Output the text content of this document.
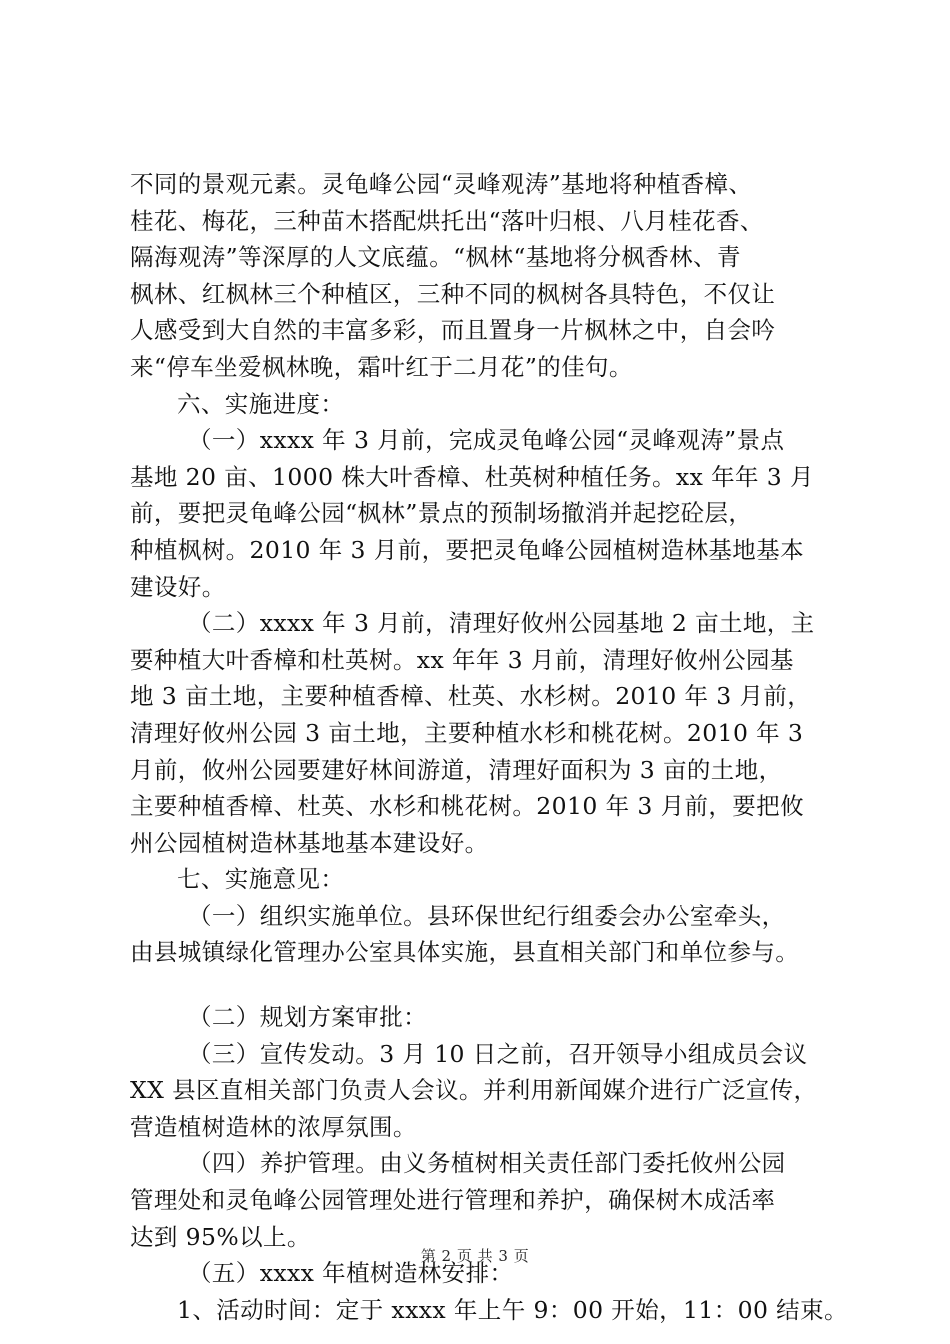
不同的景观元素。灵龟峰公园“灵峰观涛”基地将种植香樟、
桂花、梅花，三种苗木搭配烘托出“落叶归根、八月桂花香、
隔海观涛”等深厚的人文底蕴。“枫林“基地将分枫香林、青
枫林、红枫林三个种植区，三种不同的枫树各具特色，不仅让
人感受到大自然的丰富多彩，而且置身一片枫林之中，自会吟
来“停车坐爱枫林晚，霜叶红于二月花”的佳句。
六、实施进度：
（一）xxxx 年 3 月前，完成灵龟峰公园“灵峰观涛”景点
基地 20 亩、1000 株大叶香樟、杜英树种植任务。xx 年年 3 月
前，要把灵龟峰公园“枫林”景点的预制场撤消并起挖砼层，
种植枫树。2010 年 3 月前，要把灵龟峰公园植树造林基地基本
建设好。
（二）xxxx 年 3 月前，清理好攸州公园基地 2 亩土地，主
要种植大叶香樟和杜英树。xx 年年 3 月前，清理好攸州公园基
地 3 亩土地，主要种植香樟、杜英、水杉树。2010 年 3 月前，
清理好攸州公园 3 亩土地，主要种植水杉和桃花树。2010 年 3
月前，攸州公园要建好林间游道，清理好面积为 3 亩的土地，
主要种植香樟、杜英、水杉和桃花树。2010 年 3 月前，要把攸
州公园植树造林基地基本建设好。
七、实施意见：
（一）组织实施单位。县环保世纪行组委会办公室牵头，
由县城镇绿化管理办公室具体实施，县直相关部门和单位参与。
（二）规划方案审批：
（三）宣传发动。3 月 10 日之前，召开领导小组成员会议
XX 县区直相关部门负责人会议。并利用新闻媒介进行广泛宣传，
营造植树造林的浓厚氛围。
（四）养护管理。由义务植树相关责任部门委托攸州公园
管理处和灵龟峰公园管理处进行管理和养护，确保树木成活率
达到 95%以上。
（五）xxxx 年植树造林安排：
1、活动时间：定于 xxxx 年上午 9：00 开始，11：00 结束。
第 2 页 共 3 页
